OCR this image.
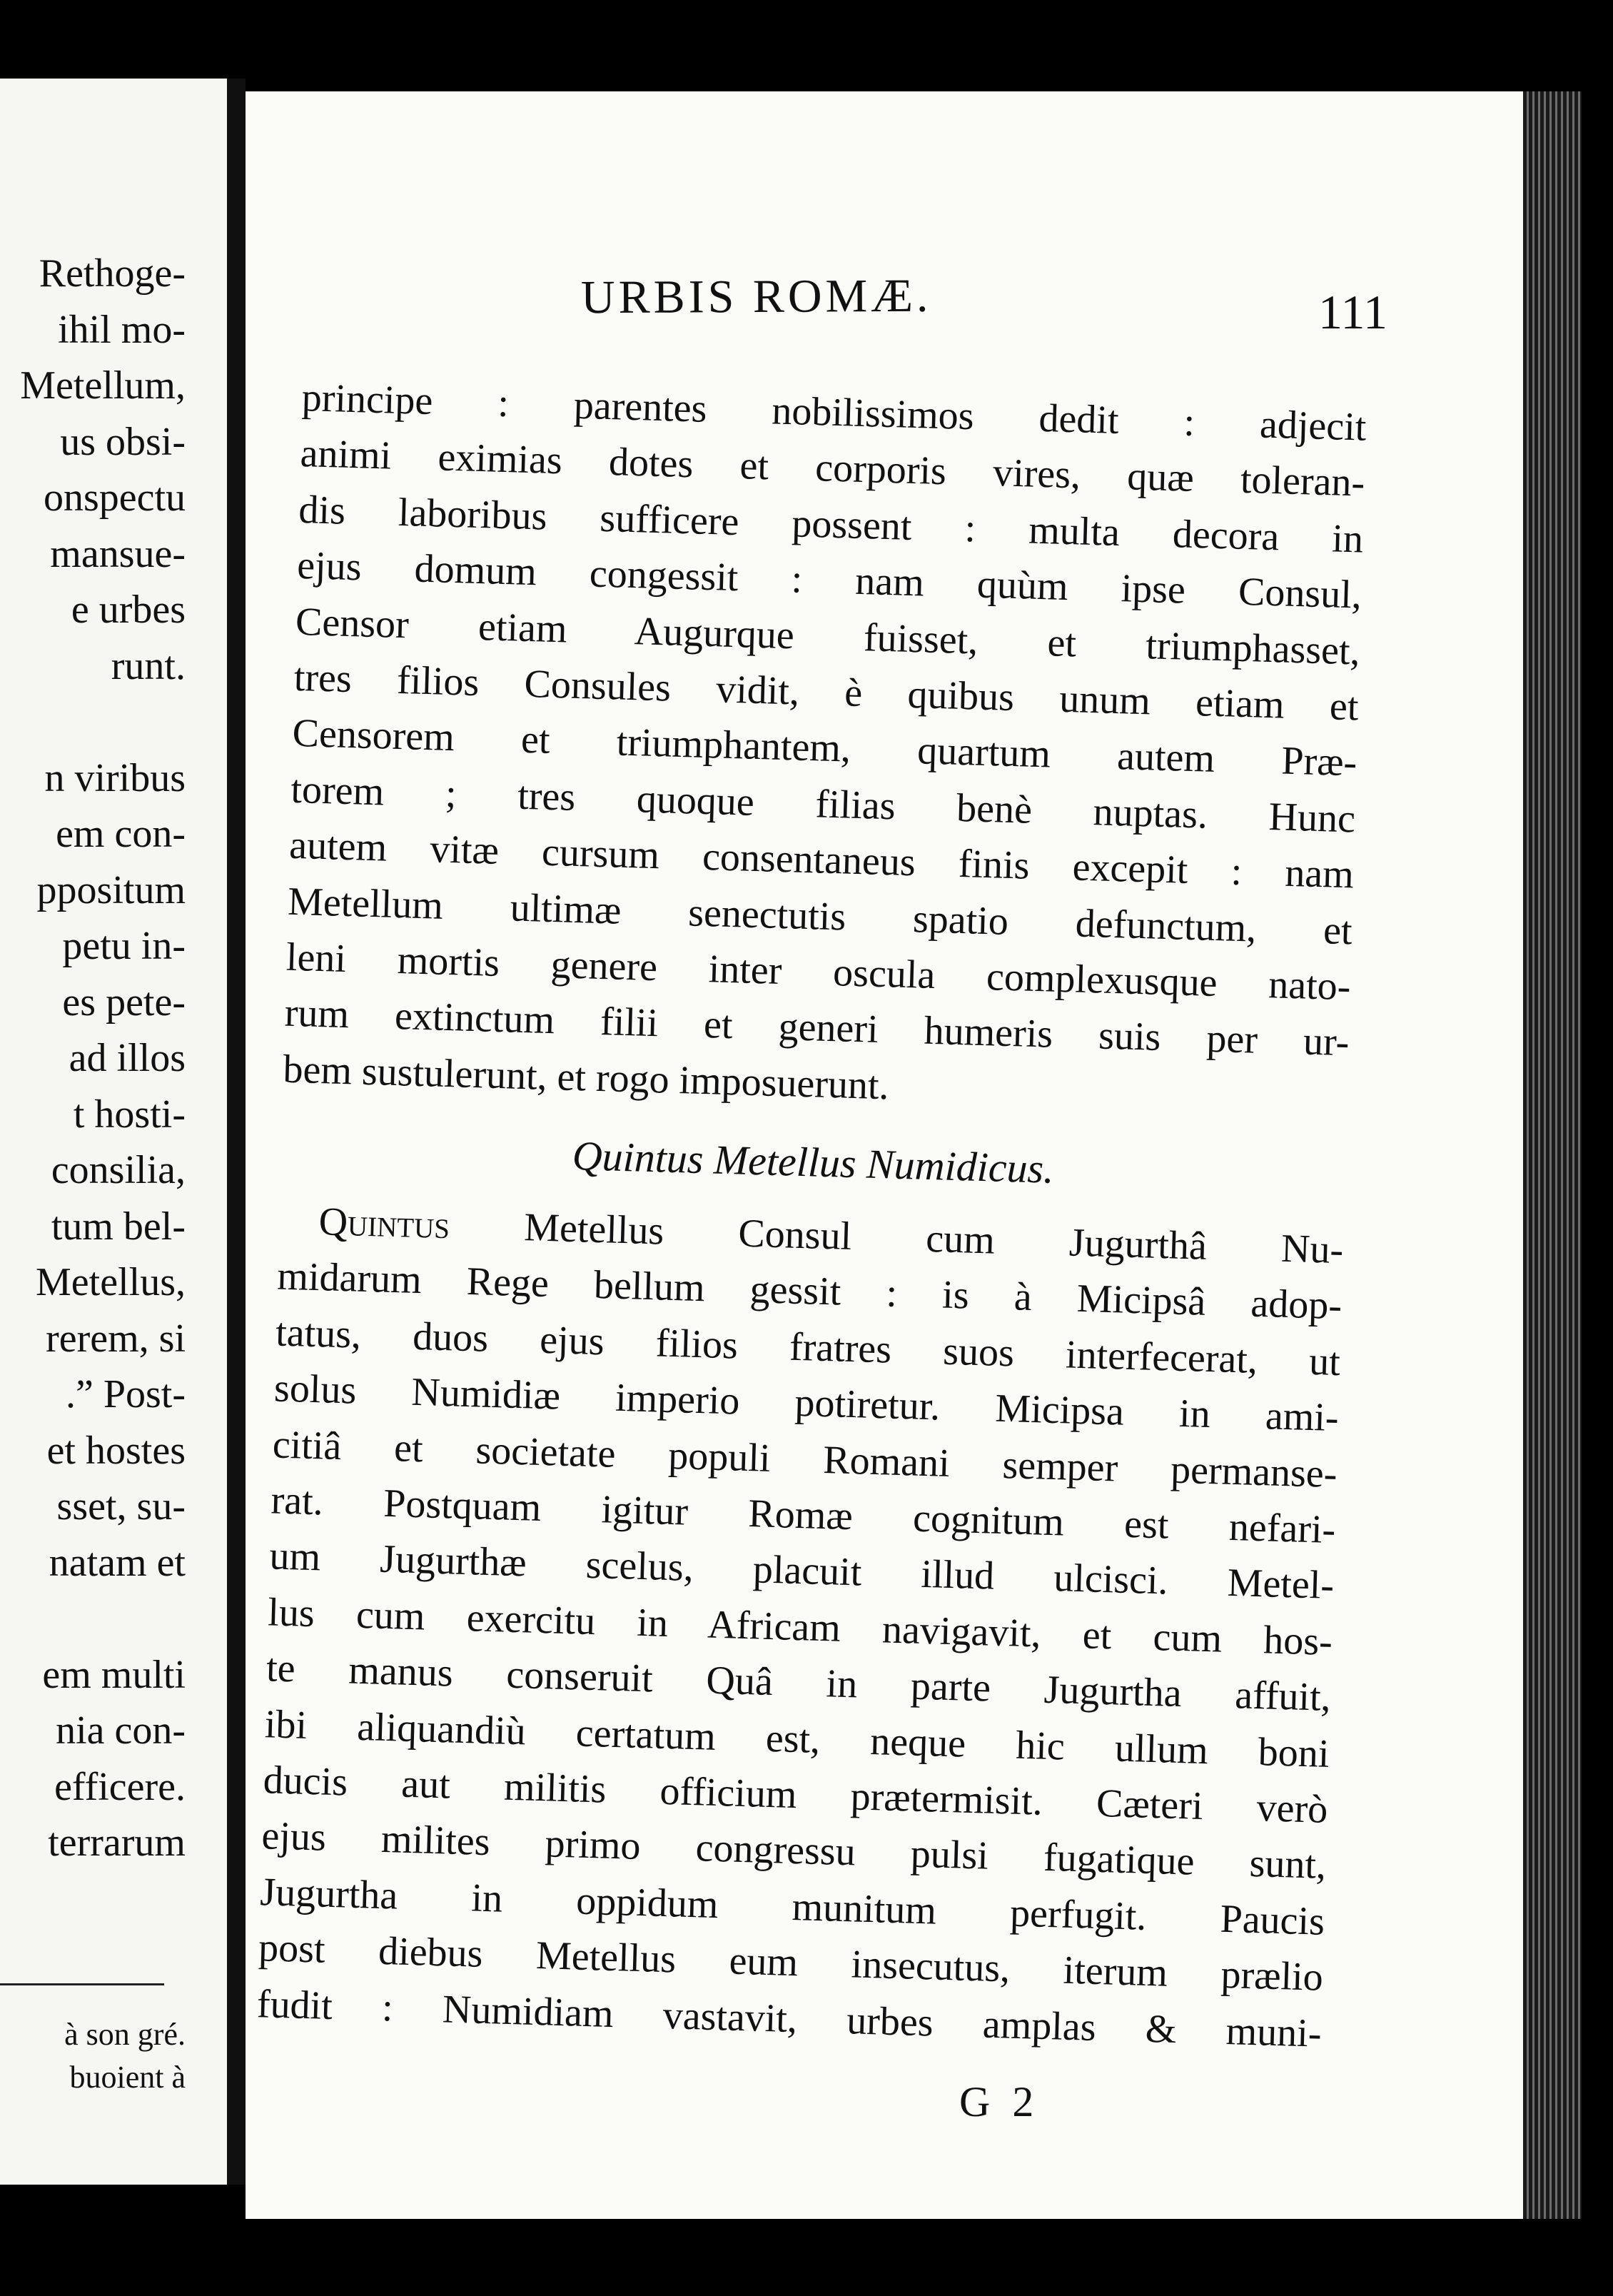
Rethoge-
ihil mo-
Metellum,
us obsi-
onspectu
mansue-
e urbes
runt.
n viribus
em con-
ppositum
petu in-
es pete-
ad illos
t hosti-
consilia,
tum bel-
Metellus,
rerem, si
.” Post-
et hostes
sset, su-
natam et
em multi
nia con-
efficere.
terrarum
à son gré.
buoient à
URBIS ROMÆ.	111
principe : parentes nobilissimos dedit : adjecit
animi eximias dotes et corporis vires, quæ toleran-
dis laboribus sufficere possent : multa decora in
ejus domum congessit : nam quùm ipse Consul,
Censor etiam Augurque fuisset, et triumphasset,
tres filios Consules vidit, è quibus unum etiam et
Censorem et triumphantem, quartum autem Præ-
torem ; tres quoque filias benè nuptas. Hunc
autem vitæ cursum consentaneus finis excepit : nam
Metellum ultimæ senectutis spatio defunctum, et
leni mortis genere inter oscula complexusque nato-
rum extinctum filii et generi humeris suis per ur-
bem sustulerunt, et rogo imposuerunt.
Quintus Metellus Numidicus.
Quintus Metellus Consul cum Jugurthâ Nu-
midarum Rege bellum gessit : is à Micipsâ adop-
tatus, duos ejus filios fratres suos interfecerat, ut
solus Numidiæ imperio potiretur. Micipsa in ami-
citiâ et societate populi Romani semper permanse-
rat. Postquam igitur Romæ cognitum est nefari-
um Jugurthæ scelus, placuit illud ulcisci. Metel-
lus cum exercitu in Africam navigavit, et cum hos-
te manus conseruit Quâ in parte Jugurtha affuit,
ibi aliquandiù certatum est, neque hic ullum boni
ducis aut militis officium prætermisit. Cæteri verò
ejus milites primo congressu pulsi fugatique sunt,
Jugurtha in oppidum munitum perfugit. Paucis
post diebus Metellus eum insecutus, iterum prælio
fudit : Numidiam vastavit, urbes amplas & muni-
G 2
